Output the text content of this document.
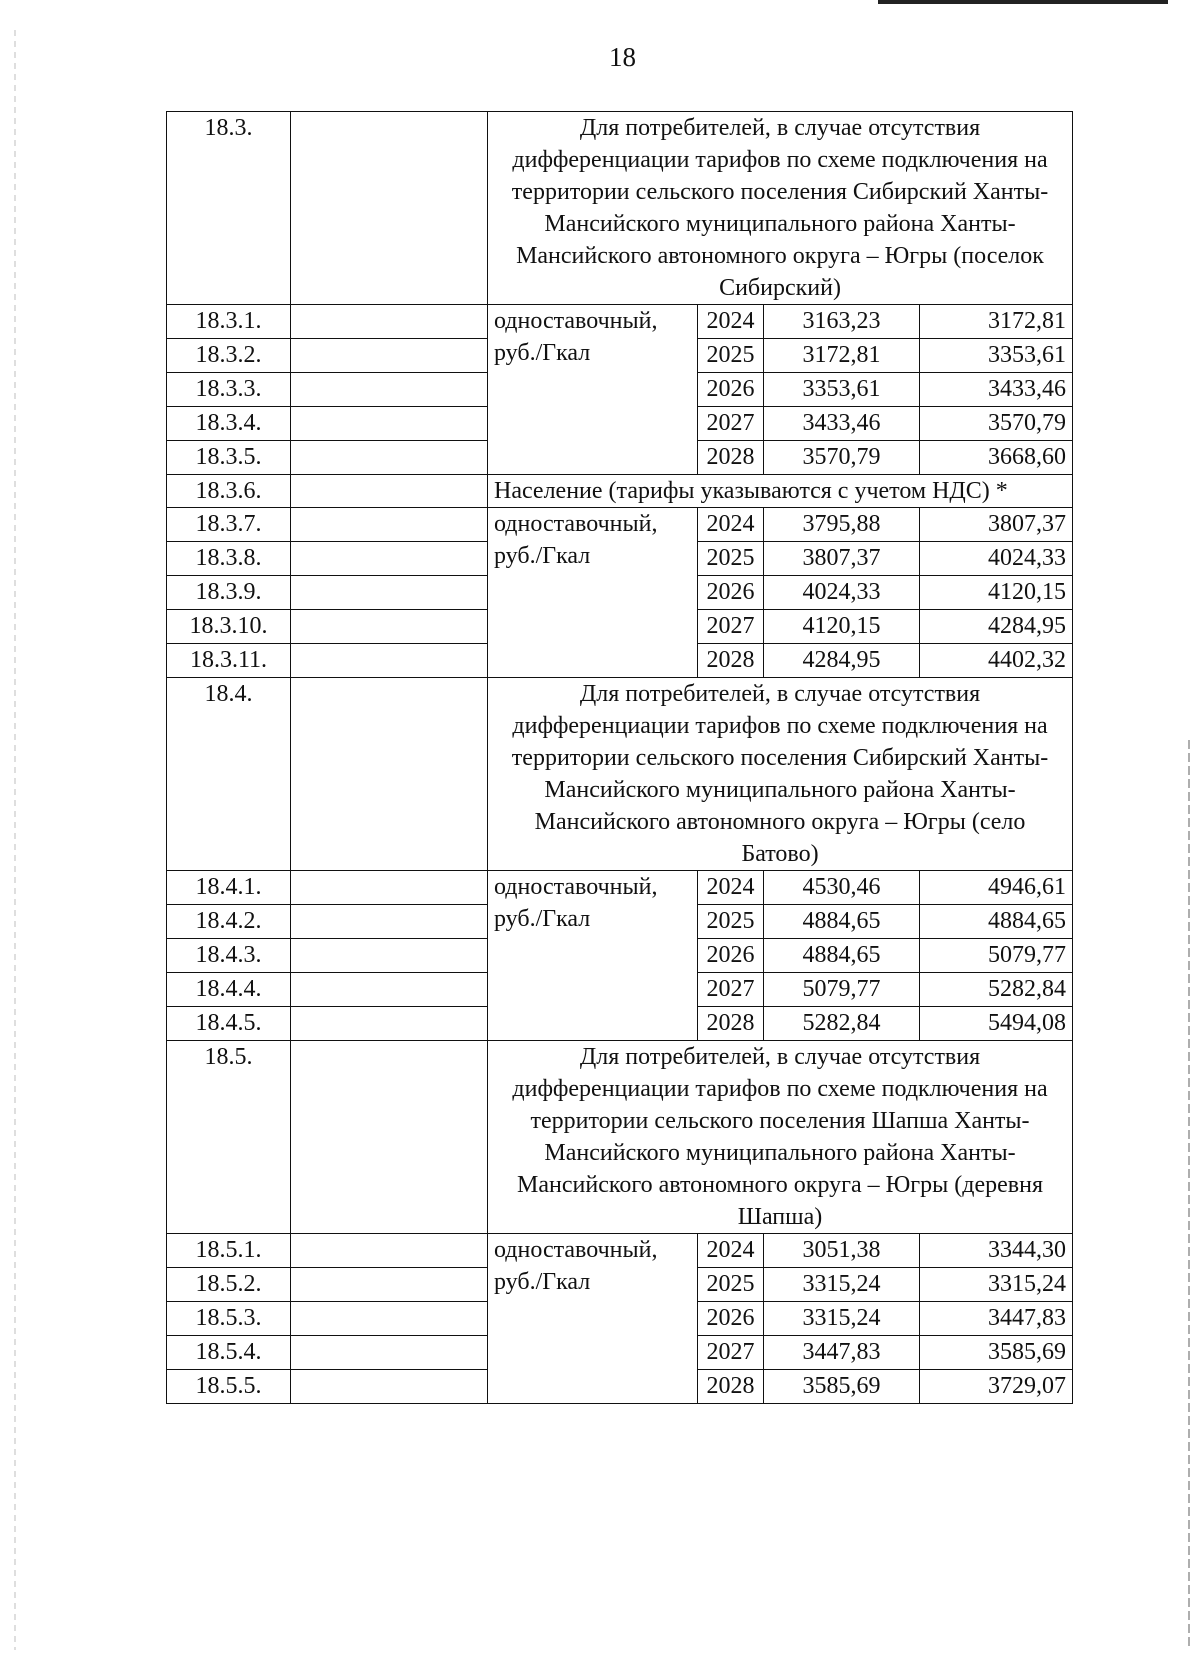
18
18.3.		Для потребителей, в случае отсутствия дифференциации тарифов по схеме подключения на территории сельского поселения Сибирский Ханты-Мансийского муниципального района Ханты-Мансийского автономного округа – Югры (поселок Сибирский)			
18.3.1.		одноставочный, руб./Гкал	2024	3163,23	3172,81
18.3.2.			2025	3172,81	3353,61
18.3.3.			2026	3353,61	3433,46
18.3.4.			2027	3433,46	3570,79
18.3.5.			2028	3570,79	3668,60
18.3.6.		Население (тарифы указываются с учетом НДС) *			
18.3.7.		одноставочный, руб./Гкал	2024	3795,88	3807,37
18.3.8.			2025	3807,37	4024,33
18.3.9.			2026	4024,33	4120,15
18.3.10.			2027	4120,15	4284,95
18.3.11.			2028	4284,95	4402,32
18.4.		Для потребителей, в случае отсутствия дифференциации тарифов по схеме подключения на территории сельского поселения Сибирский Ханты-Мансийского муниципального района Ханты-Мансийского автономного округа – Югры (село Батово)			
18.4.1.		одноставочный, руб./Гкал	2024	4530,46	4946,61
18.4.2.			2025	4884,65	4884,65
18.4.3.			2026	4884,65	5079,77
18.4.4.			2027	5079,77	5282,84
18.4.5.			2028	5282,84	5494,08
18.5.		Для потребителей, в случае отсутствия дифференциации тарифов по схеме подключения на территории сельского поселения Шапша Ханты-Мансийского муниципального района Ханты-Мансийского автономного округа – Югры (деревня Шапша)			
18.5.1.		одноставочный, руб./Гкал	2024	3051,38	3344,30
18.5.2.			2025	3315,24	3315,24
18.5.3.			2026	3315,24	3447,83
18.5.4.			2027	3447,83	3585,69
18.5.5.			2028	3585,69	3729,07
